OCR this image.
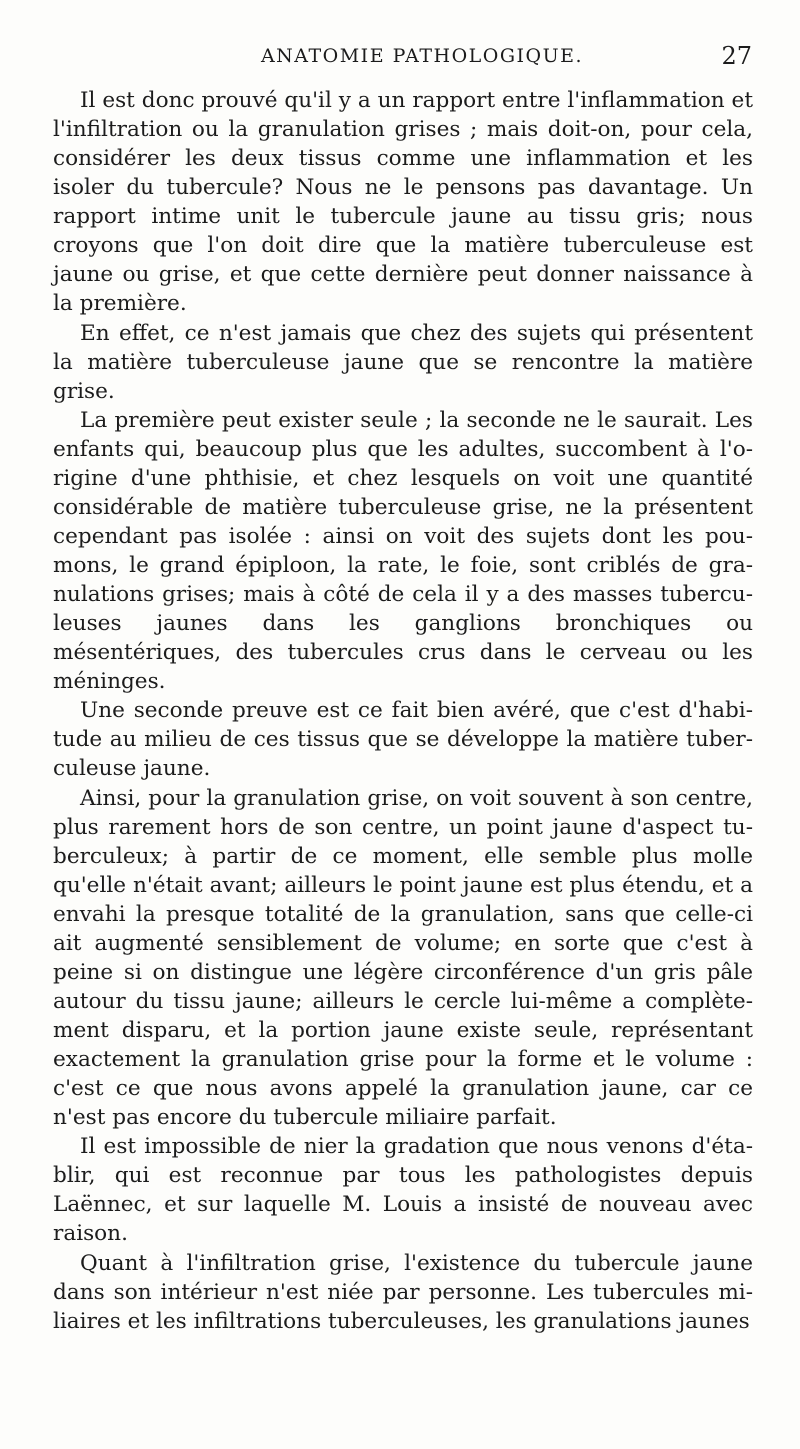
ANATOMIE PATHOLOGIQUE.	27

Il est donc prouvé qu'il y a un rapport entre l'inflammation et l'infiltration ou la granulation grises ; mais doit-on, pour cela, considérer les deux tissus comme une inflammation et les isoler du tubercule? Nous ne le pensons pas davantage. Un rapport intime unit le tubercule jaune au tissu gris; nous croyons que l'on doit dire que la matière tuberculeuse est jaune ou grise, et que cette dernière peut donner naissance à la première.

En effet, ce n'est jamais que chez des sujets qui présentent la matière tuberculeuse jaune que se rencontre la matière grise.

La première peut exister seule ; la seconde ne le saurait. Les enfants qui, beaucoup plus que les adultes, succombent à l'origine d'une phthisie, et chez lesquels on voit une quantité considérable de matière tuberculeuse grise, ne la présentent cependant pas isolée : ainsi on voit des sujets dont les poumons, le grand épiploon, la rate, le foie, sont criblés de granulations grises; mais à côté de cela il y a des masses tuberculeuses jaunes dans les ganglions bronchiques ou mésentériques, des tubercules crus dans le cerveau ou les méninges.

Une seconde preuve est ce fait bien avéré, que c'est d'habitude au milieu de ces tissus que se développe la matière tuberculeuse jaune.

Ainsi, pour la granulation grise, on voit souvent à son centre, plus rarement hors de son centre, un point jaune d'aspect tuberculeux; à partir de ce moment, elle semble plus molle qu'elle n'était avant; ailleurs le point jaune est plus étendu, et a envahi la presque totalité de la granulation, sans que celle-ci ait augmenté sensiblement de volume; en sorte que c'est à peine si on distingue une légère circonférence d'un gris pâle autour du tissu jaune; ailleurs le cercle lui-même a complètement disparu, et la portion jaune existe seule, représentant exactement la granulation grise pour la forme et le volume : c'est ce que nous avons appelé la granulation jaune, car ce n'est pas encore du tubercule miliaire parfait.

Il est impossible de nier la gradation que nous venons d'établir, qui est reconnue par tous les pathologistes depuis Laënnec, et sur laquelle M. Louis a insisté de nouveau avec raison.

Quant à l'infiltration grise, l'existence du tubercule jaune dans son intérieur n'est niée par personne. Les tubercules miliaires et les infiltrations tuberculeuses, les granulations jaunes
